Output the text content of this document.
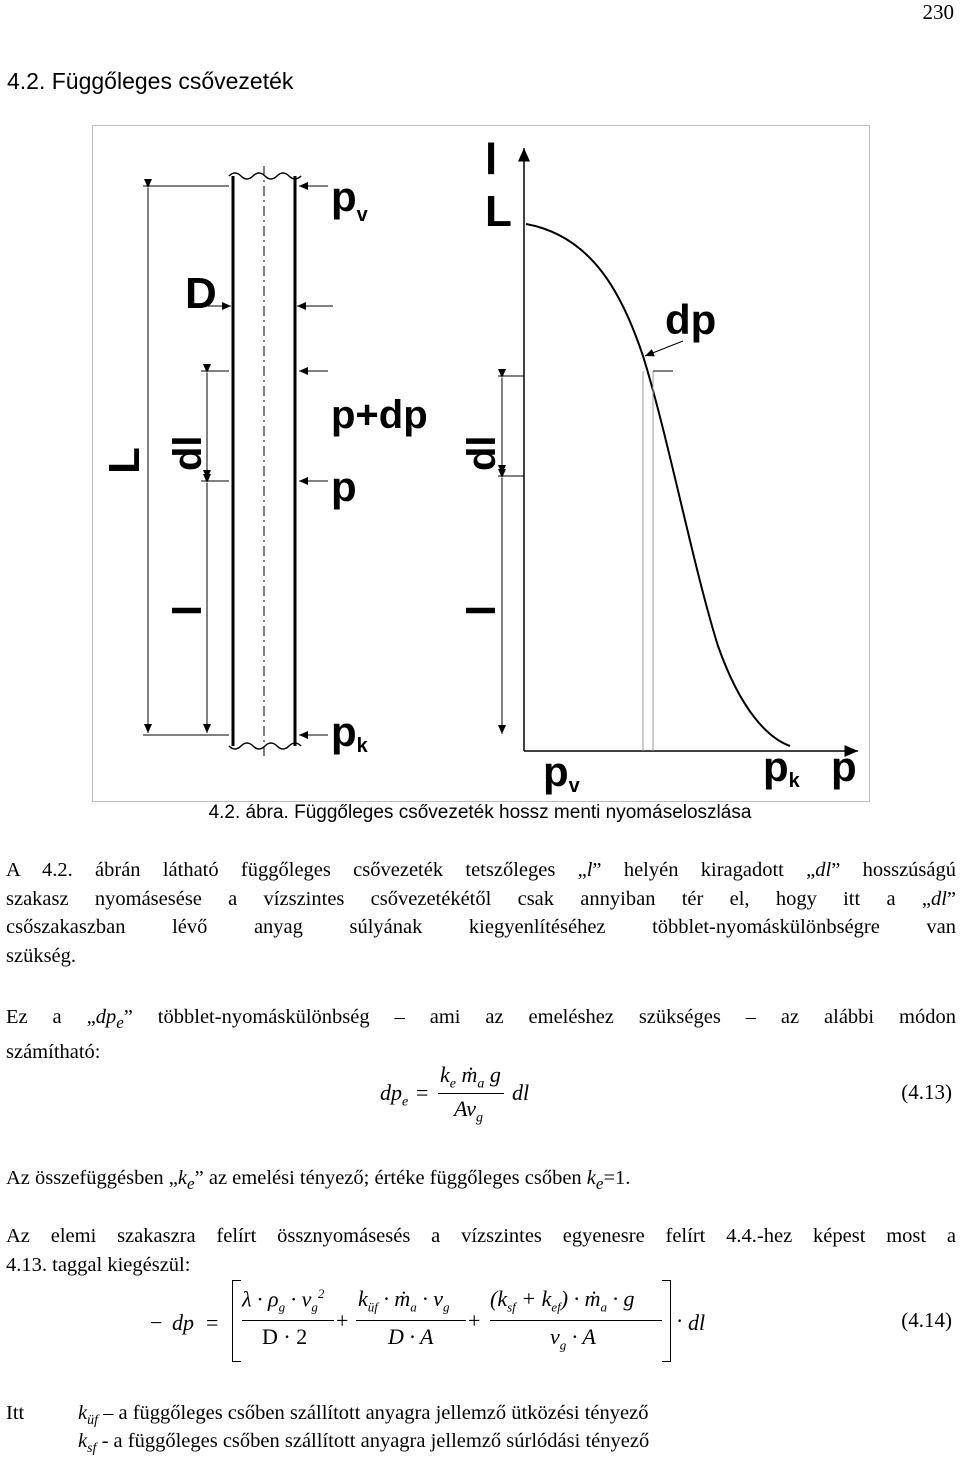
230
4.2. Függőleges csővezeték
$p_v$
D
p+dp
p
pk
L dl
l
l
L
dp
dl
l
pv	pk p
4.2. ábra. Függőleges csővezeték hossz menti nyomáseloszlása
A 4.2. ábrán látható függőleges csővezeték tetszőleges „l” helyén kiragadott „dl” hosszúságú
szakasz nyomásesése a vízszintes csővezetékétől csak annyiban tér el, hogy itt a „dl”
csőszakaszban lévő anyag súlyának kiegyenlítéséhez többlet-nyomáskülönbségre van
szükség.
Ez a $„dp_e$” többlet-nyomáskülönbség – ami az emeléshez szükséges – az alábbi módon
számítható:
$dp_e$ =
$k_e$ ṁ$_a$ g
$Av_g$
dl	(4.13)
Az összefüggésben $„k_e$” az emelési tényező; értéke függőleges csőben $k_e=1$.
Az elemi szakaszra felírt össznyomásesés a vízszintes egyenesre felírt 4.4.-hez képest most a
4.13. taggal kiegészül:
− dp =
$\lambda \cdot \rho_g \cdot v_g^2$
D · 2
+
$k_{üf}$ · ṁ$_a$ · $v_g$
D · A
+
$(k_{sf} + k_{ef})$ · ṁ$_a$ · g
$v_g \cdot A$
· dl	(4.14)
Itt	$k_{üf}$ – a függőleges csőben szállított anyagra jellemző ütközési tényező
$k_{sf}$ - a függőleges csőben szállított anyagra jellemző súrlódási tényező
